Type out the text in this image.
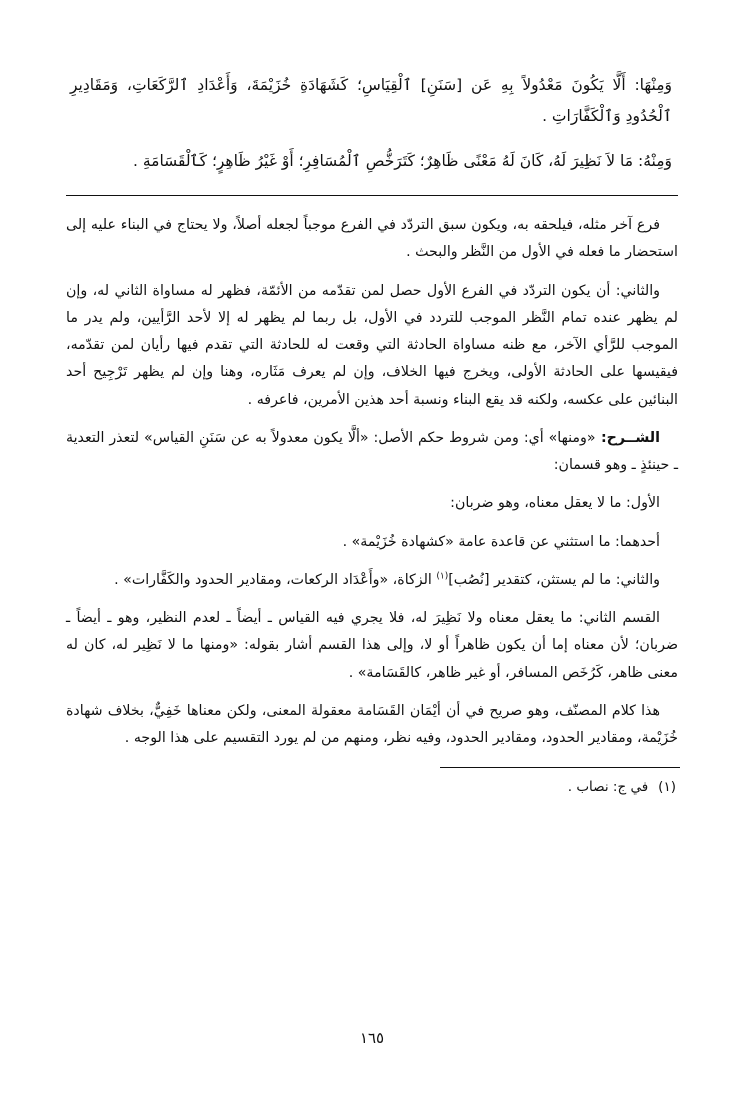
وَمِنْهَا: أَلَّا يَكُونَ مَعْدُولاً بِهِ عَن [سَنَنِ] ٱلْقِيَاسِ؛ كَشَهَادَةِ خُزَيْمَةَ، وَأَعْدَادِ ٱلرَّكَعَاتِ، وَمَقَادِيرِ ٱلْحُدُودِ وَٱلْكَفَّارَاتِ .

وَمِنْهُ: مَا لاَ نَظِيرَ لَهُ، كَانَ لَهُ مَعْنًى ظَاهِرٌ؛ كَتَرَخُّصِ ٱلْمُسَافِرِ؛ أَوْ غَيْرُ ظَاهِرٍ؛ كَٱلْقَسَامَةِ .

فرع آخر مثله، فيلحقه به، ويكون سبق التردّد في الفرع موجباً لجعله أصلاً، ولا يحتاج في البناء عليه إلى استحضار ما فعله في الأول من النَّظر والبحث .

والثاني: أن يكون التردّد في الفرع الأول حصل لمن تقدّمه من الأئمّة، فظهر له مساواة الثاني له، وإن لم يظهر عنده تمام النَّظر الموجب للتردد في الأول، بل ربما لم يظهر له إلا لأحد الرَّأيين، ولم يدر ما الموجب للرَّأي الآخر، مع ظنه مساواة الحادثة التي وقعت له للحادثة التي تقدم فيها رأيان لمن تقدّمه، فيقيسها على الحادثة الأولى، ويخرج فيها الخلاف، وإن لم يعرف مَثَاره، وهنا وإن لم يظهر تَرْجِيح أحد البنائين على عكسه، ولكنه قد يقع البناء ونسبة أحد هذين الأمرين، فاعرفه .

الشــرح: «ومنها» أي: ومن شروط حكم الأصل: «ألَّا يكون معدولاً به عن سَنَنِ القياس» لتعذر التعدية ـ حينئذٍ ـ وهو قسمان:

الأول: ما لا يعقل معناه، وهو ضربان:

أحدهما: ما استثني عن قاعدة عامة «كشهادة خُزَيْمة» .

والثاني: ما لم يستثن، كتقدير [نُصُب]$^{(١)}$ الزكاة، «وأَعْدَاد الركعات، ومقادير الحدود والكَفَّارات» .

القسم الثاني: ما يعقل معناه ولا نَظِيرَ له، فلا يجري فيه القياس ـ أيضاً ـ لعدم النظير، وهو ـ أيضاً ـ ضربان؛ لأن معناه إما أن يكون ظاهراً أو لا، وإلى هذا القسم أشار بقوله: «ومنها ما لا نَظِير له، كان له معنى ظاهر، كَرُخَص المسافر، أو غير ظاهر، كالقَسَامة» .

هذا كلام المصنّف، وهو صريح في أن أيْمَان القَسَامة معقولة المعنى، ولكن معناها خَفِيٌّ، بخلاف شهادة خُزَيْمة، ومقادير الحدود، ومقادير الحدود، وفيه نظر، ومنهم من لم يورد التقسيم على هذا الوجه .

(١)في ج: نصاب .
١٦٥
